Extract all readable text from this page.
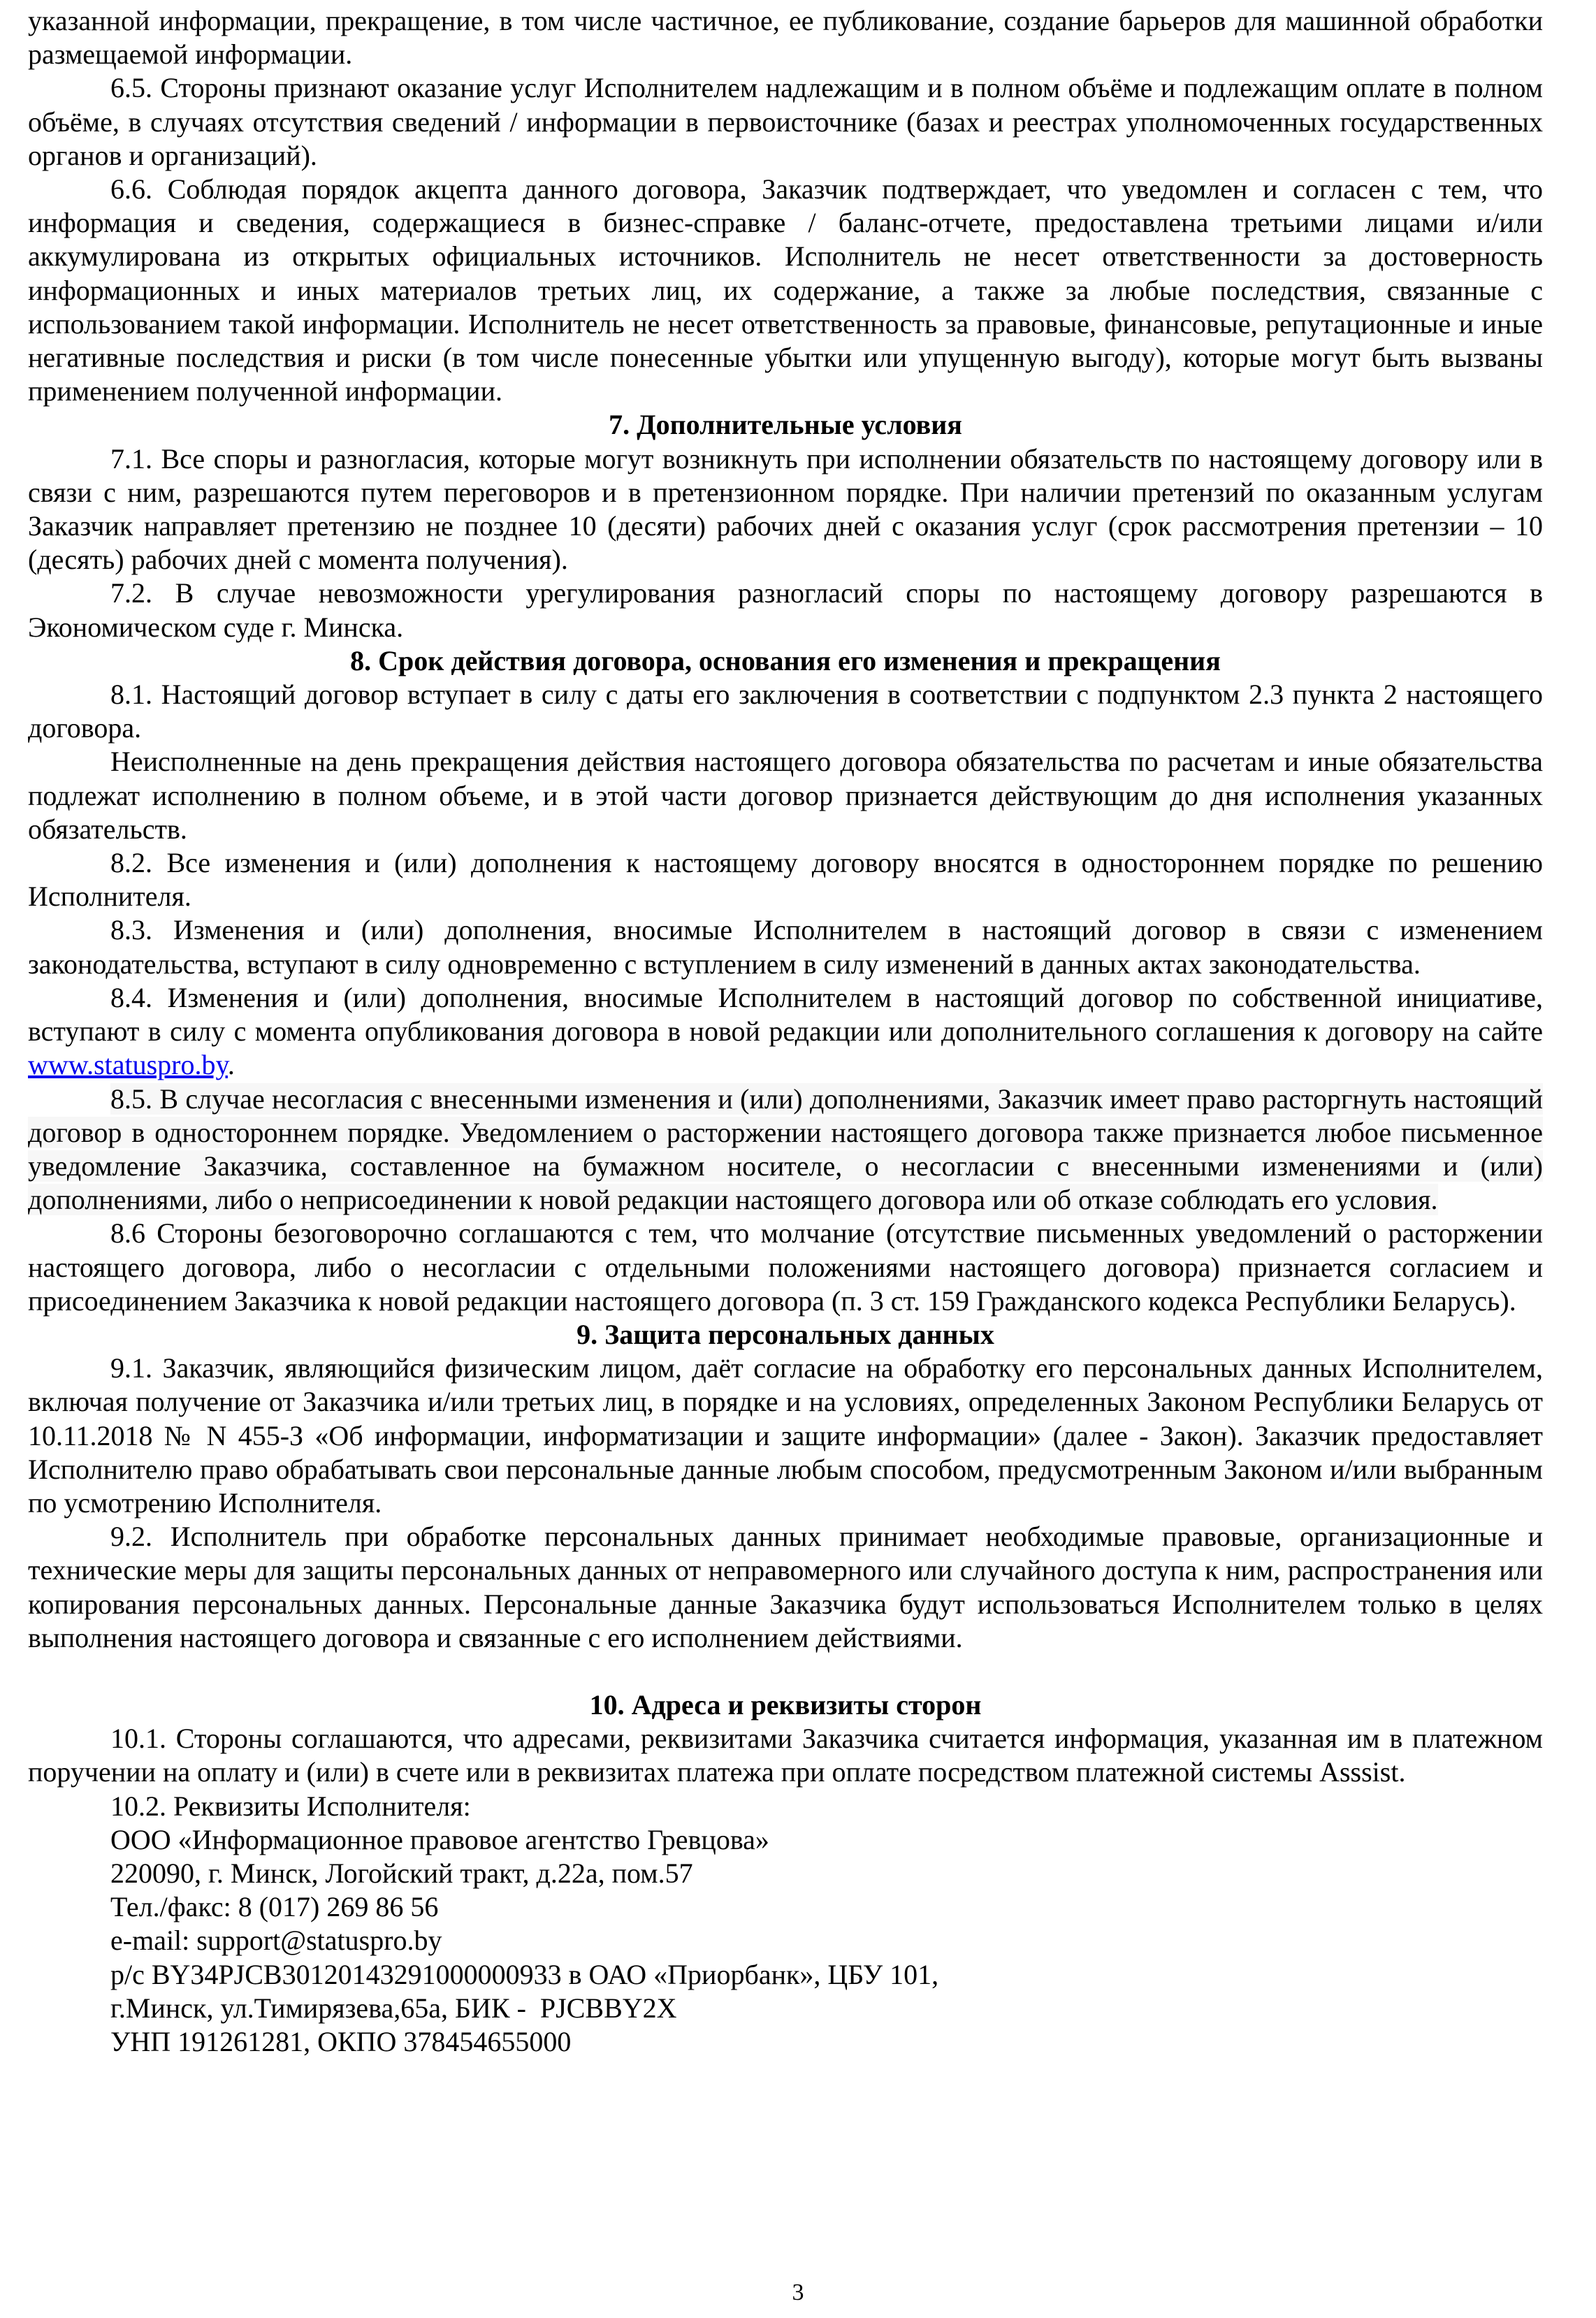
указанной информации, прекращение, в том числе частичное, ее публикование, создание барьеров для машинной обработки размещаемой информации.

6.5. Стороны признают оказание услуг Исполнителем надлежащим и в полном объёме и подлежащим оплате в полном объёме, в случаях отсутствия сведений / информации в первоисточнике (базах и реестрах уполномоченных государственных органов и организаций).

6.6. Соблюдая порядок акцепта данного договора, Заказчик подтверждает, что уведомлен и согласен с тем, что информация и сведения, содержащиеся в бизнес-справке / баланс-отчете, предоставлена третьими лицами и/или аккумулирована из открытых официальных источников. Исполнитель не несет ответственности за достоверность информационных и иных материалов третьих лиц, их содержание, а также за любые последствия, связанные с использованием такой информации. Исполнитель не несет ответственность за правовые, финансовые, репутационные и иные негативные последствия и риски (в том числе понесенные убытки или упущенную выгоду), которые могут быть вызваны применением полученной информации.

7. Дополнительные условия

7.1. Все споры и разногласия, которые могут возникнуть при исполнении обязательств по настоящему договору или в связи с ним, разрешаются путем переговоров и в претензионном порядке. При наличии претензий по оказанным услугам Заказчик направляет претензию не позднее 10 (десяти) рабочих дней с оказания услуг (срок рассмотрения претензии – 10 (десять) рабочих дней с момента получения).

7.2. В случае невозможности урегулирования разногласий споры по настоящему договору разрешаются в Экономическом суде г. Минска.

8. Срок действия договора, основания его изменения и прекращения

8.1. Настоящий договор вступает в силу с даты его заключения в соответствии с подпунктом 2.3 пункта 2 настоящего договора.

Неисполненные на день прекращения действия настоящего договора обязательства по расчетам и иные обязательства подлежат исполнению в полном объеме, и в этой части договор признается действующим до дня исполнения указанных обязательств.

8.2. Все изменения и (или) дополнения к настоящему договору вносятся в одностороннем порядке по решению Исполнителя.

8.3. Изменения и (или) дополнения, вносимые Исполнителем в настоящий договор в связи с изменением законодательства, вступают в силу одновременно с вступлением в силу изменений в данных актах законодательства.

8.4. Изменения и (или) дополнения, вносимые Исполнителем в настоящий договор по собственной инициативе, вступают в силу с момента опубликования договора в новой редакции или дополнительного соглашения к договору на сайте www.statuspro.by.

8.5. В случае несогласия с внесенными изменения и (или) дополнениями, Заказчик имеет право расторгнуть настоящий договор в одностороннем порядке. Уведомлением о расторжении настоящего договора также признается любое письменное уведомление Заказчика, составленное на бумажном носителе, о несогласии с внесенными изменениями и (или) дополнениями, либо о неприсоединении к новой редакции настоящего договора или об отказе соблюдать его условия.

8.6 Стороны безоговорочно соглашаются с тем, что молчание (отсутствие письменных уведомлений о расторжении настоящего договора, либо о несогласии с отдельными положениями настоящего договора) признается согласием и присоединением Заказчика к новой редакции настоящего договора (п. 3 ст. 159 Гражданского кодекса Республики Беларусь).

9. Защита персональных данных

9.1. Заказчик, являющийся физическим лицом, даёт согласие на обработку его персональных данных Исполнителем, включая получение от Заказчика и/или третьих лиц, в порядке и на условиях, определенных Законом Республики Беларусь от 10.11.2018 № N 455-З «Об информации, информатизации и защите информации» (далее - Закон). Заказчик предоставляет Исполнителю право обрабатывать свои персональные данные любым способом, предусмотренным Законом и/или выбранным по усмотрению Исполнителя.

9.2. Исполнитель при обработке персональных данных принимает необходимые правовые, организационные и технические меры для защиты персональных данных от неправомерного или случайного доступа к ним, распространения или копирования персональных данных. Персональные данные Заказчика будут использоваться Исполнителем только в целях выполнения настоящего договора и связанные с его исполнением действиями.

10. Адреса и реквизиты сторон

10.1. Стороны соглашаются, что адресами, реквизитами Заказчика считается информация, указанная им в платежном поручении на оплату и (или) в счете или в реквизитах платежа при оплате посредством платежной системы Asssist.

10.2. Реквизиты Исполнителя:

ООО «Информационное правовое агентство Гревцова»

220090, г. Минск, Логойский тракт, д.22а, пом.57

Тел./факс: 8 (017) 269 86 56

e-mail: support@statuspro.by

р/с BY34PJCB30120143291000000933 в ОАО «Приорбанк», ЦБУ 101,

г.Минск, ул.Тимирязева,65а, БИК -  PJCBBY2X

УНП 191261281, ОКПО 378454655000

3
